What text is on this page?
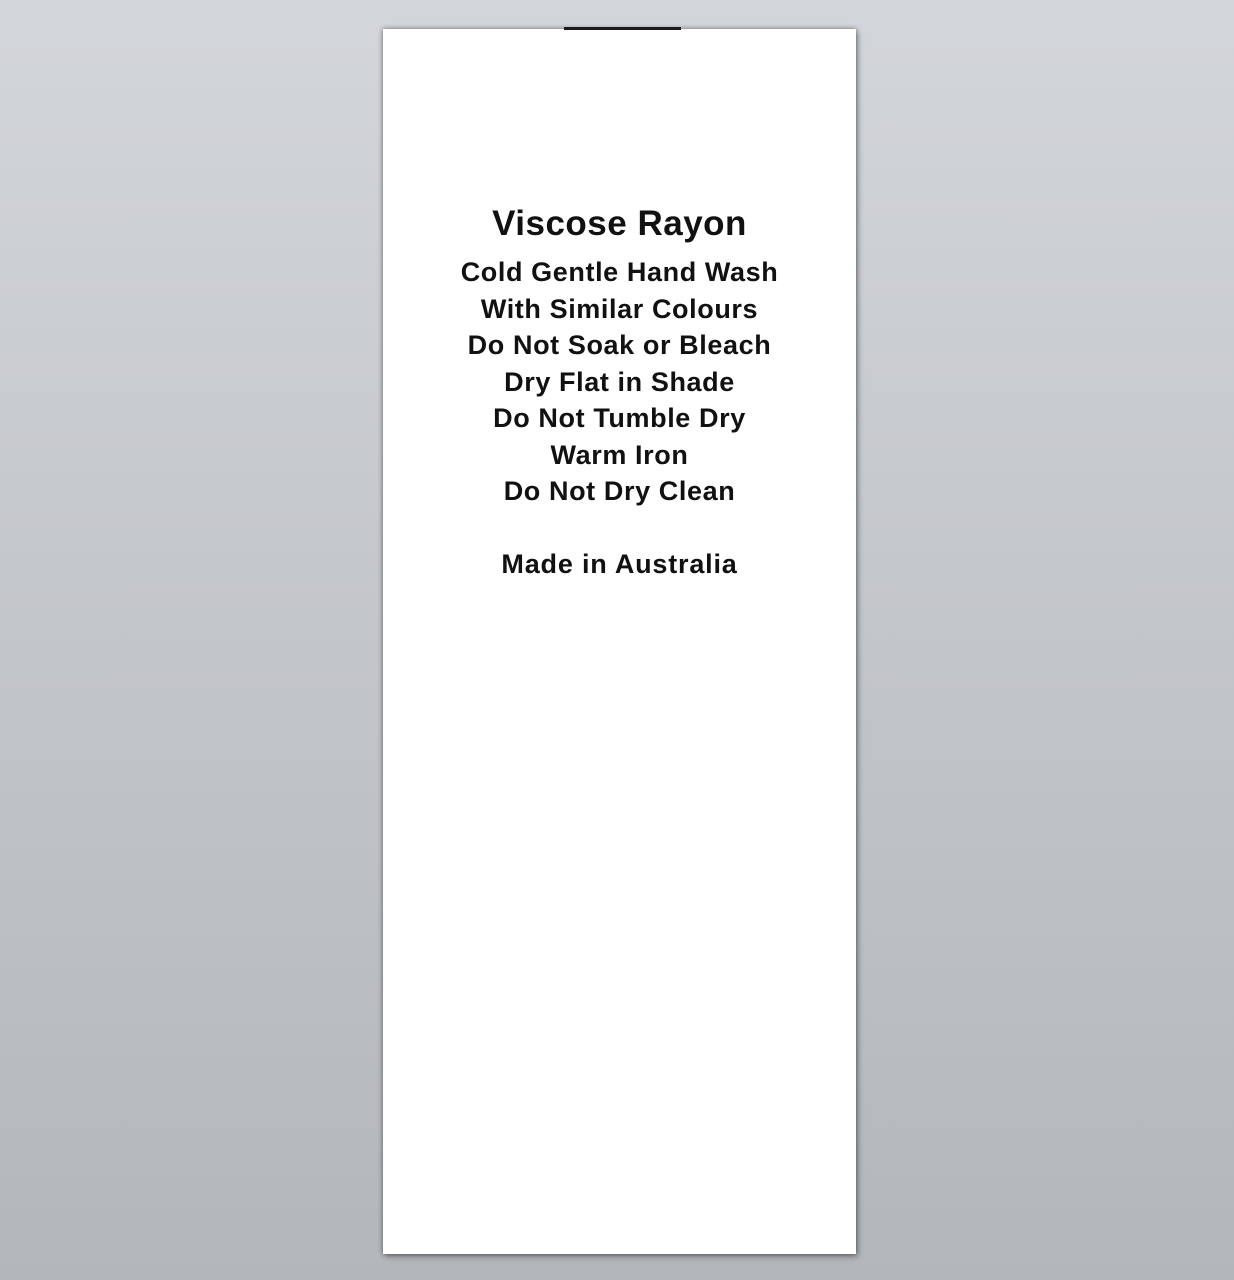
Viscose Rayon
Cold Gentle Hand Wash
With Similar Colours
Do Not Soak or Bleach
Dry Flat in Shade
Do Not Tumble Dry
Warm Iron
Do Not Dry Clean
Made in Australia
